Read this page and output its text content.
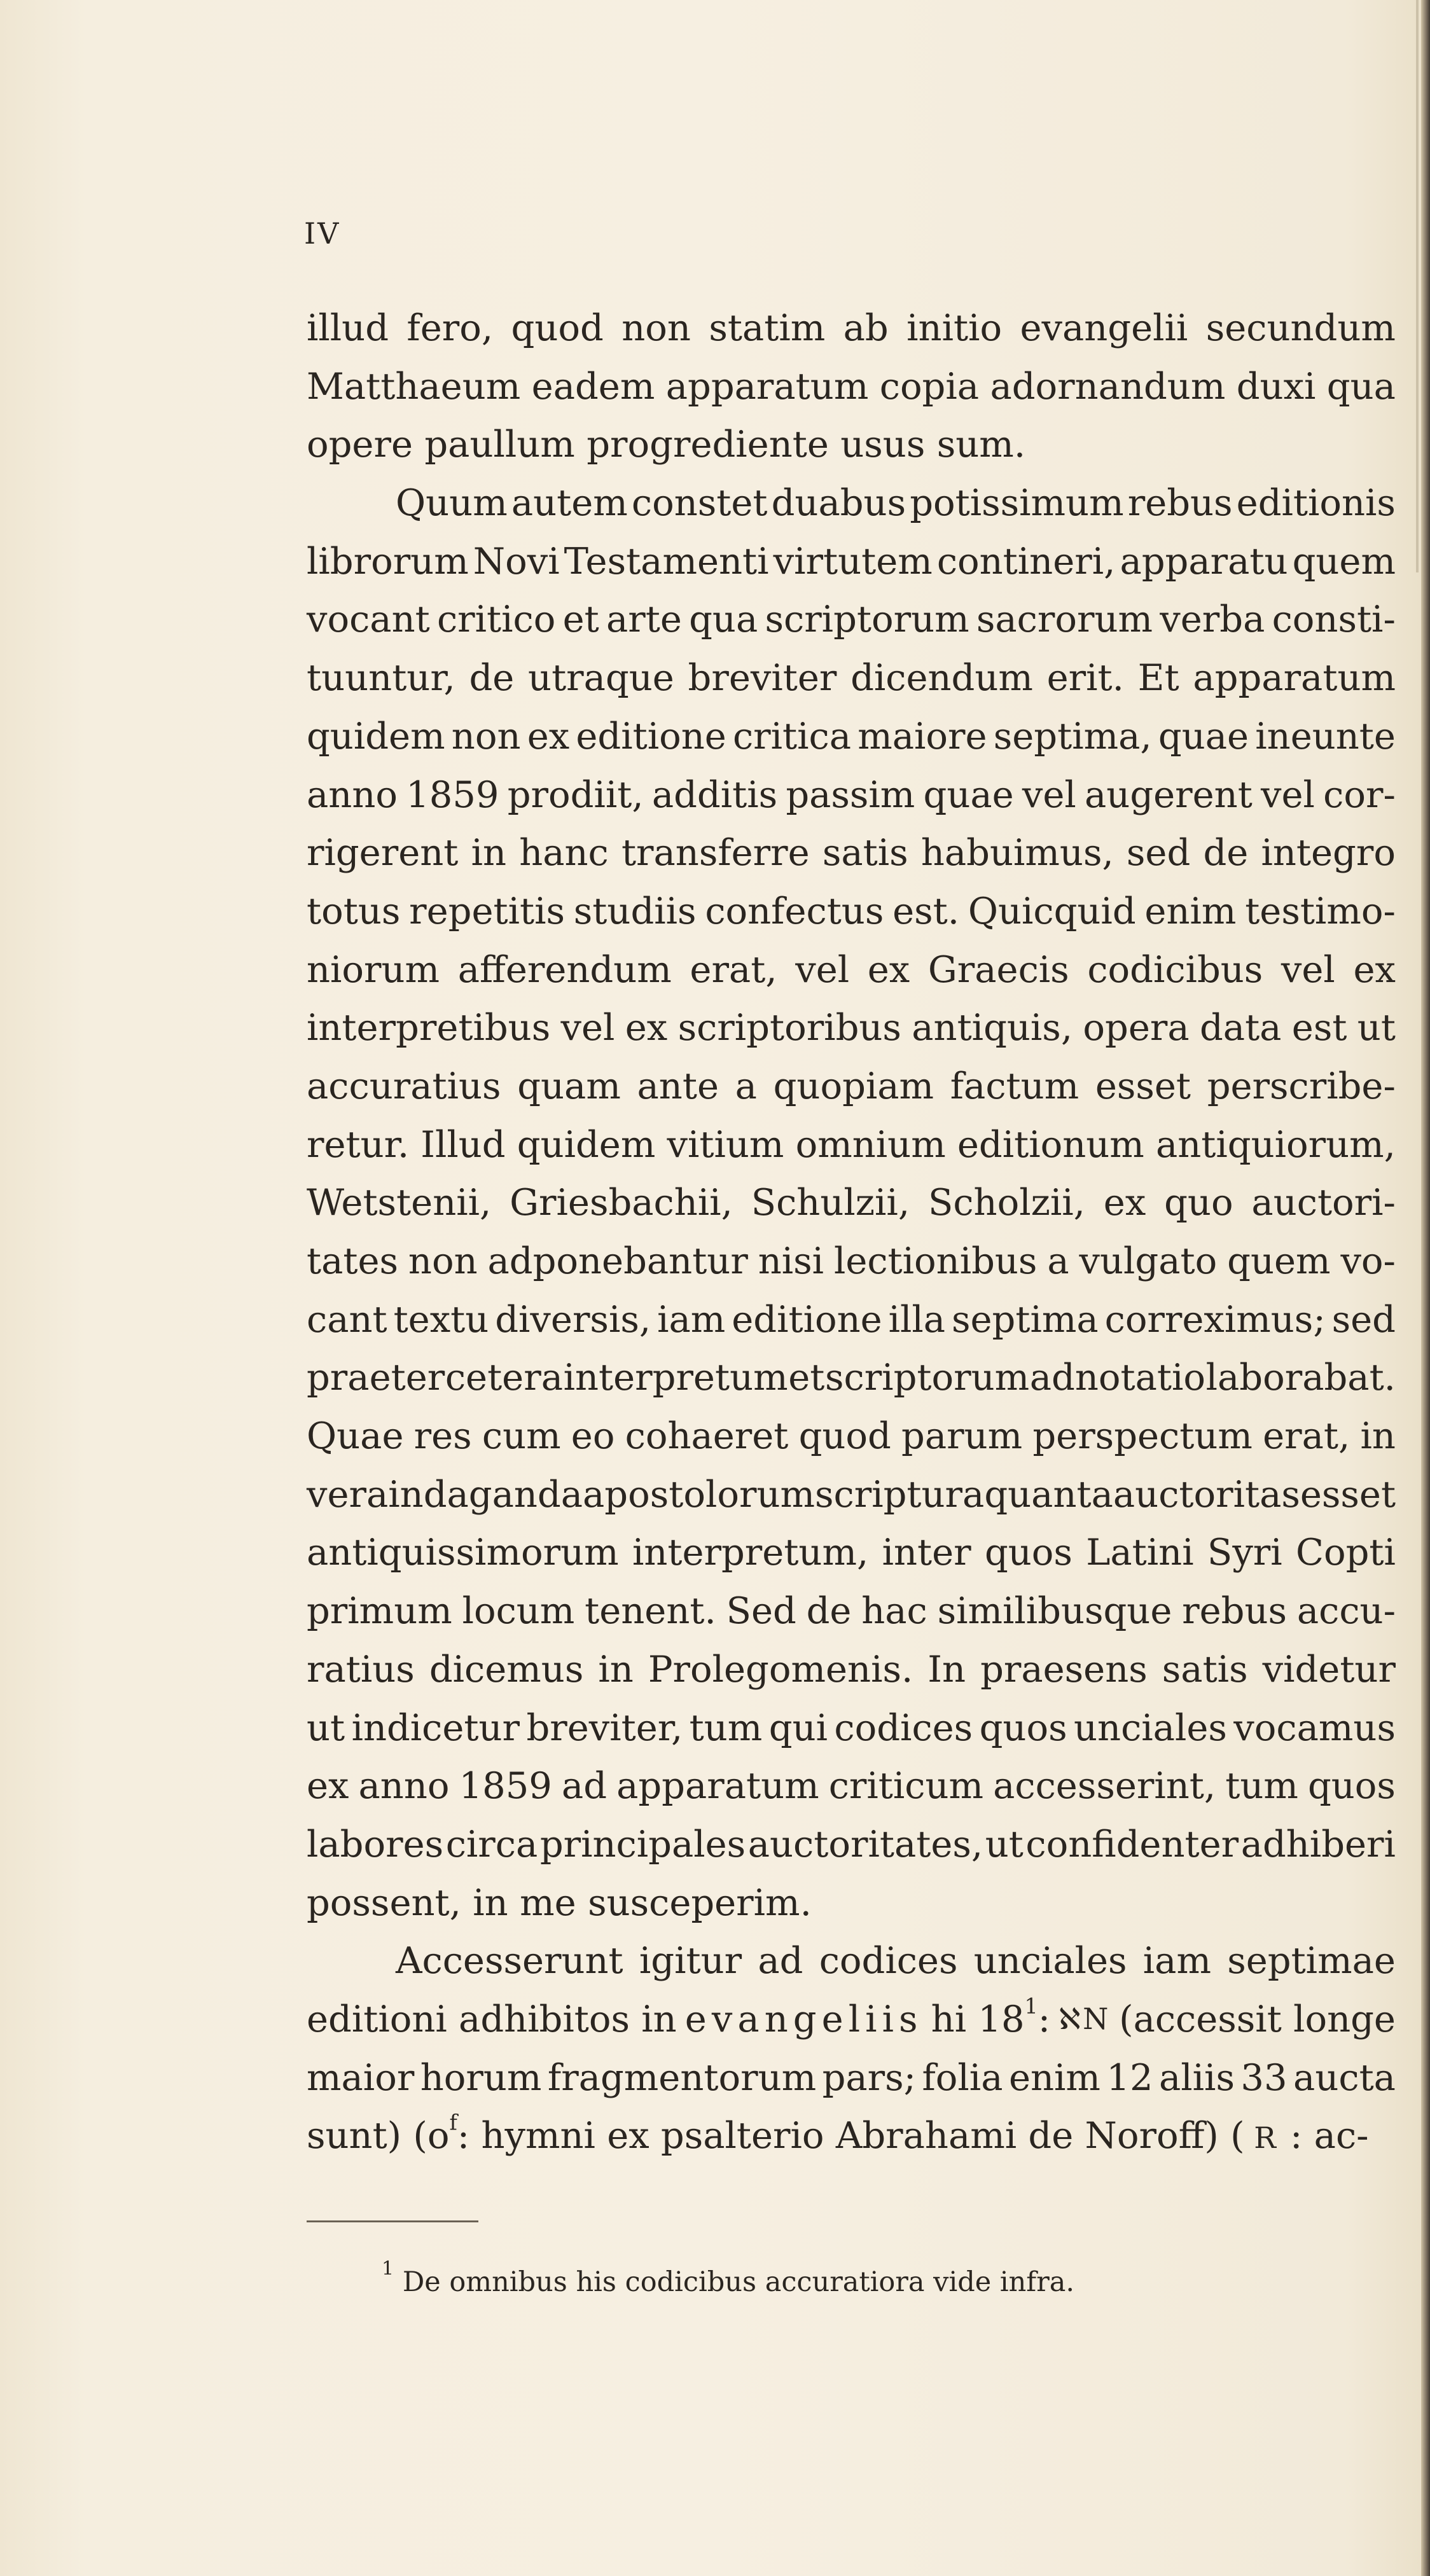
IV
illud fero, quod non statim ab initio evangelii secundum
Matthaeum eadem apparatum copia adornandum duxi qua
opere paullum progrediente usus sum.
Quum autem constet duabus potissimum rebus editionis
librorum Novi Testamenti virtutem contineri, apparatu quem
vocant critico et arte qua scriptorum sacrorum verba consti-
tuuntur, de utraque breviter dicendum erit. Et apparatum
quidem non ex editione critica maiore septima, quae ineunte
anno 1859 prodiit, additis passim quae vel augerent vel cor-
rigerent in hanc transferre satis habuimus, sed de integro
totus repetitis studiis confectus est. Quicquid enim testimo-
niorum afferendum erat, vel ex Graecis codicibus vel ex
interpretibus vel ex scriptoribus antiquis, opera data est ut
accuratius quam ante a quopiam factum esset perscribe-
retur. Illud quidem vitium omnium editionum antiquiorum,
Wetstenii, Griesbachii, Schulzii, Scholzii, ex quo auctori-
tates non adponebantur nisi lectionibus a vulgato quem vo-
cant textu diversis, iam editione illa septima correximus; sed
praeter cetera interpretum et scriptorum adnotatio laborabat.
Quae res cum eo cohaeret quod parum perspectum erat, in
vera indaganda apostolorum scriptura quanta auctoritas esset
antiquissimorum interpretum, inter quos Latini Syri Copti
primum locum tenent. Sed de hac similibusque rebus accu-
ratius dicemus in Prolegomenis. In praesens satis videtur
ut indicetur breviter, tum qui codices quos unciales vocamus
ex anno 1859 ad apparatum criticum accesserint, tum quos
labores circa principales auctoritates, ut confidenter adhiberi
possent, in me susceperim.
Accesserunt igitur ad codices unciales iam septimae
editioni adhibitos in evangeliis hi $18^1$: ℵN (accessit longe
maior horum fragmentorum pars; folia enim 12 aliis 33 aucta
sunt) ($o^f$: hymni ex psalterio Abrahami de Noroff) ( R : ac-
$^1$ De omnibus his codicibus accuratiora vide infra.
